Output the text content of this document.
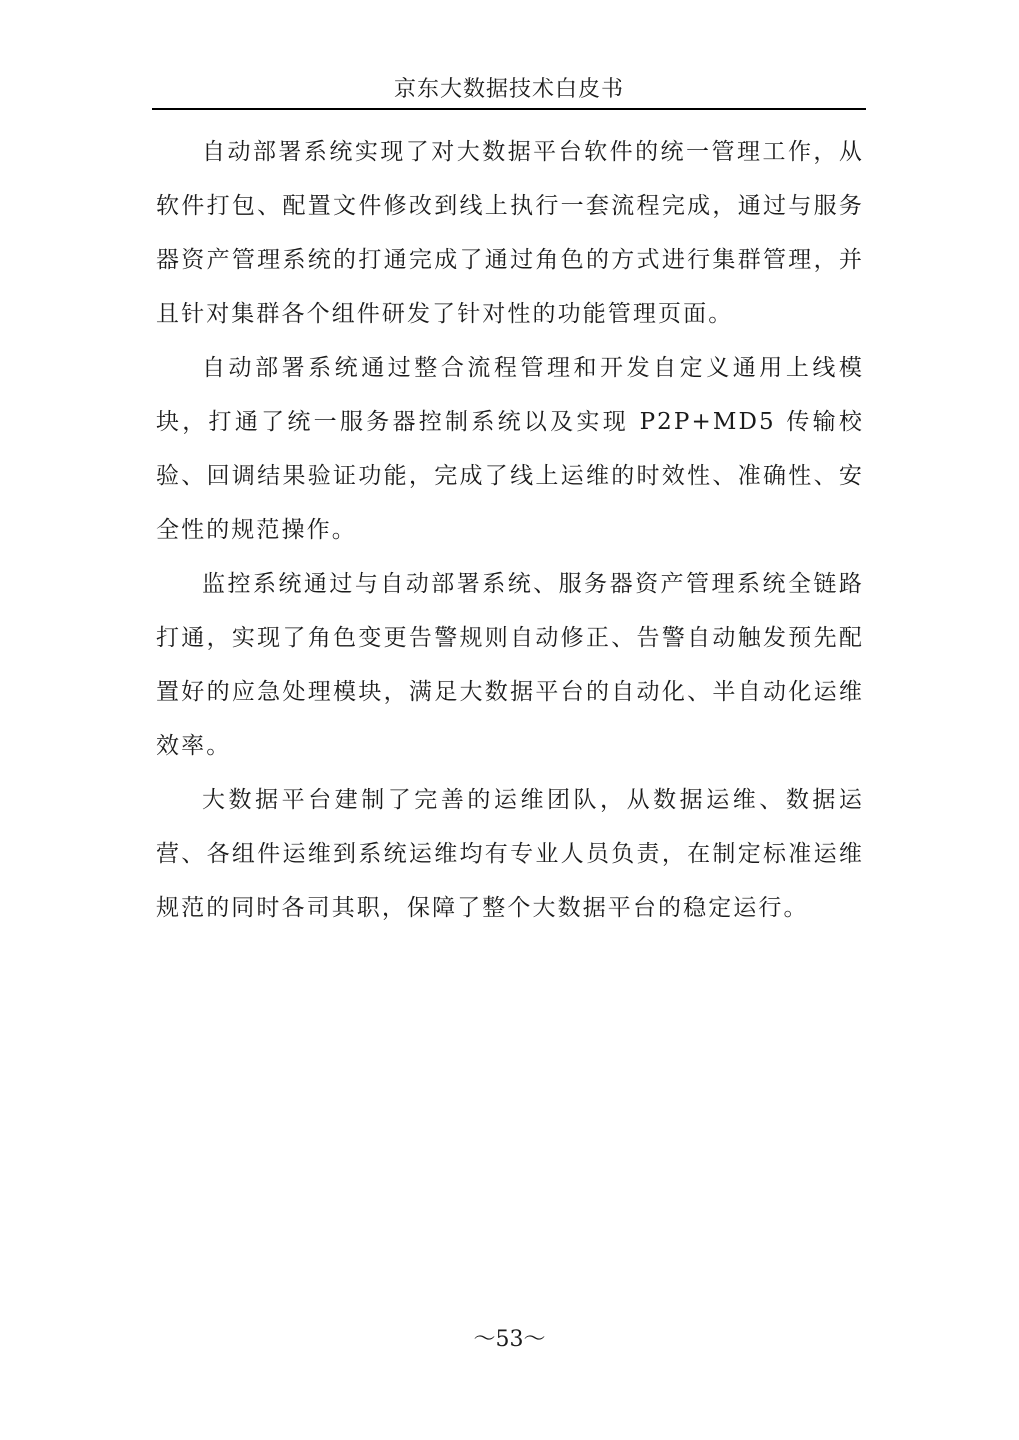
京东大数据技术白皮书

自动部署系统实现了对大数据平台软件的统一管理工作，从软件打包、配置文件修改到线上执行一套流程完成，通过与服务器资产管理系统的打通完成了通过角色的方式进行集群管理，并且针对集群各个组件研发了针对性的功能管理页面。

自动部署系统通过整合流程管理和开发自定义通用上线模块，打通了统一服务器控制系统以及实现 P2P+MD5 传输校验、回调结果验证功能，完成了线上运维的时效性、准确性、安全性的规范操作。

监控系统通过与自动部署系统、服务器资产管理系统全链路打通，实现了角色变更告警规则自动修正、告警自动触发预先配置好的应急处理模块，满足大数据平台的自动化、半自动化运维效率。

大数据平台建制了完善的运维团队，从数据运维、数据运营、各组件运维到系统运维均有专业人员负责，在制定标准运维规范的同时各司其职，保障了整个大数据平台的稳定运行。

～53～
